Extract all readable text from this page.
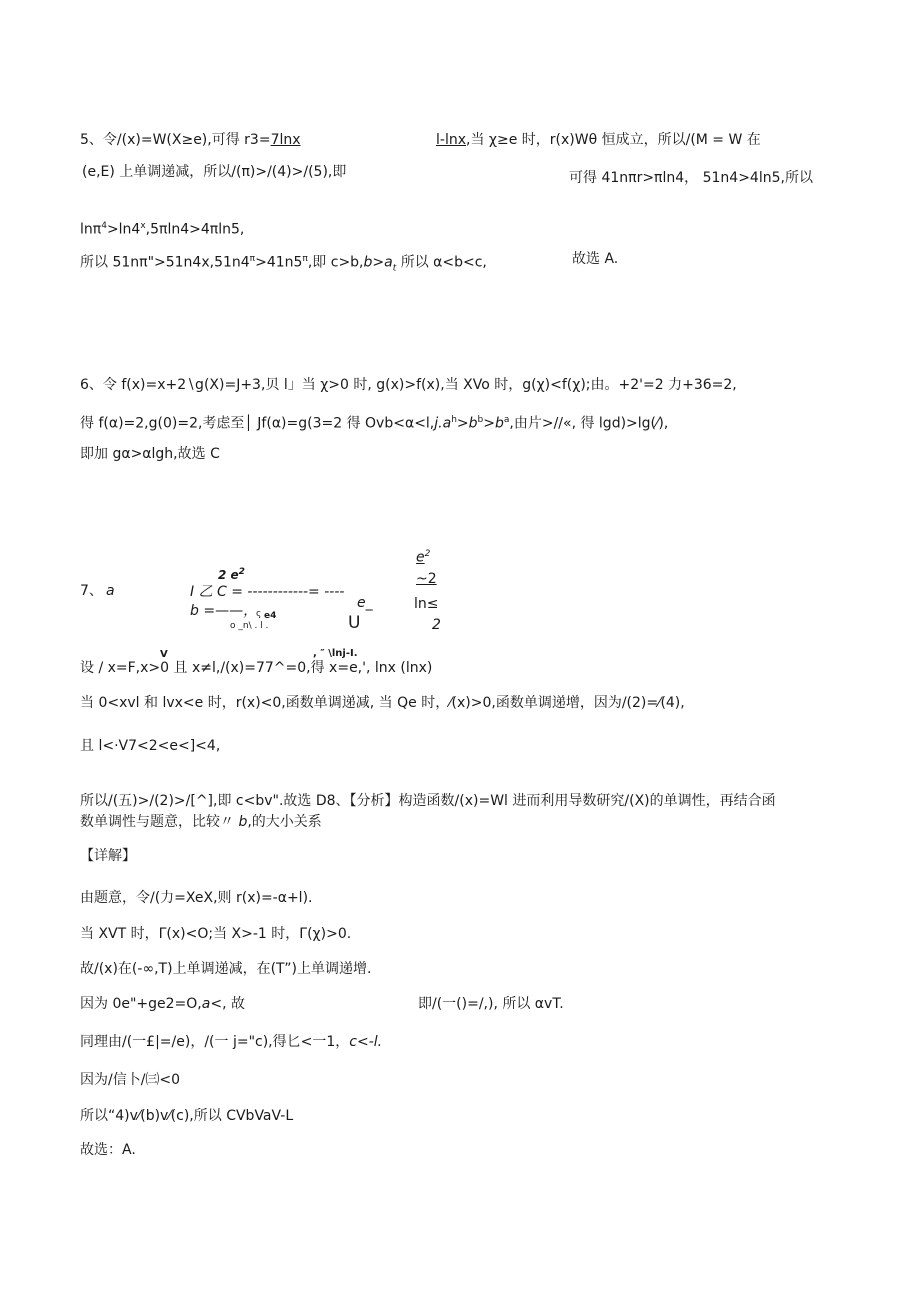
5、令/(x)=W(X≥e),可得 r3=7lnx	l-lnx,当 χ≥e 时，r(x)Wθ 恒成立，所以/(M = W 在
(e,E) 上单调递减，所以/(π)>/(4)>/(5),即	可得 41nπr>πln4， 51n4>4ln5,所以
$\ln\pi^4>\ln 4^x,5\pi\ln 4>4\pi\ln 5$,
所以 $51n\pi">51n4x,51n4^\pi>41n5^\pi$,即 $c>b,b>a_t$ 所以 α<b<c,	故选 A.
6、令 f(x)=x+2∖g(X)=J+3,贝 l」当 χ>0 时, g(x)>f(x),当 XVo 时，g(χ)<f(χ);由。+2'=2 力+36=2,
得 f(α)=2,g(0)=2,考虑至│ Jf(α)=g(3=2 得 $Ovb<\alpha<l,j.a^h>b^b>b^a$,由片>//«, 得 lgd)>lg(⁄),
即加 gα>αlgh,故选 C
7、 a
2 $e^2$
I 乙 C = ------------= ----
b =——，
ς e4
o _n\ . l .
e_
U
$e^2$
~2
ln≤
2
V	, ″ \lnj-I.
设 / x=F,x>0 且 x≠l,/(x)=77^=0,得 x=e,', lnx (lnx)
当 0<xvl 和 lvx<e 时，r(x)<0,函数单调递减, 当 Qe 时，⁄(x)>0,函数单调递增，因为/(2)=⁄(4),
且 l<·V7<2<e<]<4,
所以/(五)>/(2)>/[^],即 c<bv".故选 D8、【分析】构造函数/(x)=Wl 进而利用导数研究/(X)的单调性，再结合函
数单调性与题意，比较〃 b,的大小关系
【详解】
由题意，令/(力=XeX,则 r(x)=-α+l).
当 XVT 时，Γ(x)<O;当 X>-1 时，Γ(χ)>0.
故/(x)在(-∞,T)上单调递减，在(T”)上单调递增.
因为 0e"+ge2=O,a<, 故	即/(一()=/,), 所以 αvT.
同理由/(一£|=/e)，/(一 j="c),得匕<一1，c<-l.
因为/信卜/㈢<0
所以“4)v⁄(b)v⁄(c),所以 CVbVaV-L
故选：A.
